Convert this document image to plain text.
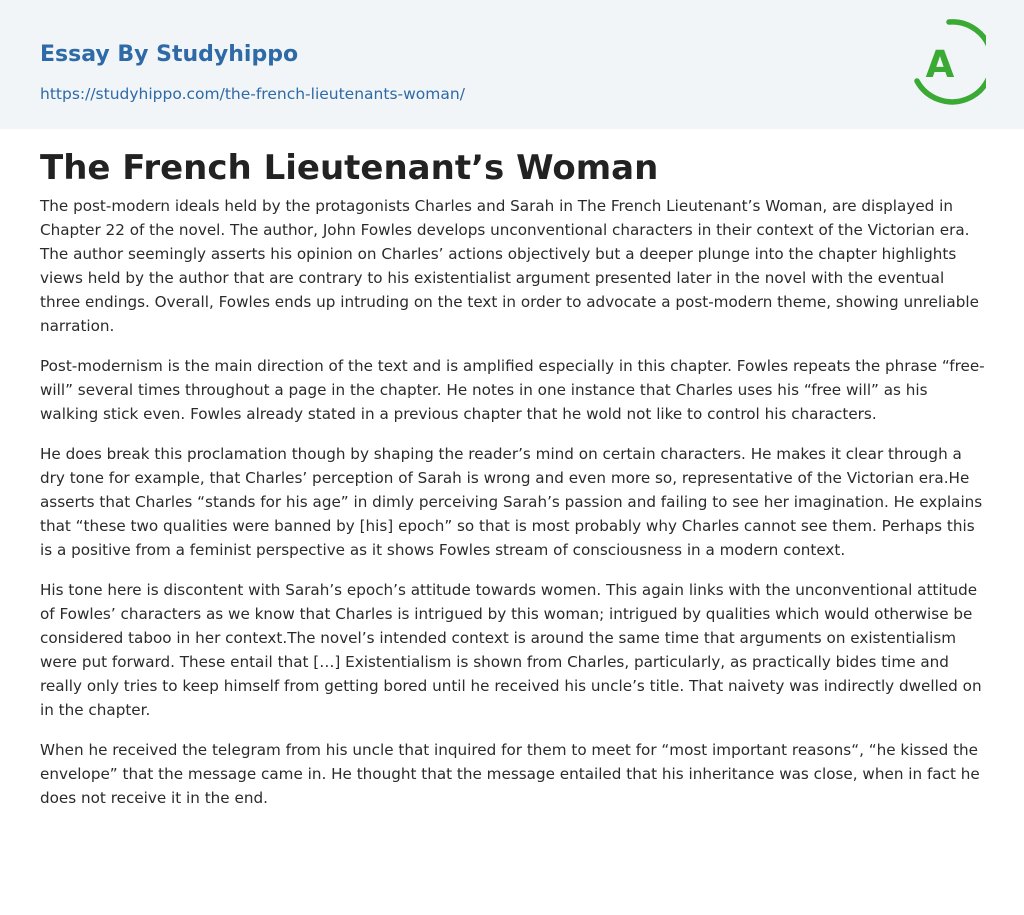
Essay By Studyhippo
https://studyhippo.com/the-french-lieutenants-woman/
A
The French Lieutenant’s Woman

The post-modern ideals held by the protagonists Charles and Sarah in The French Lieutenant’s Woman, are displayed in Chapter 22 of the novel. The author, John Fowles develops unconventional characters in their context of the Victorian era. The author seemingly asserts his opinion on Charles’ actions objectively but a deeper plunge into the chapter highlights views held by the author that are contrary to his existentialist argument presented later in the novel with the eventual three endings. Overall, Fowles ends up intruding on the text in order to advocate a post-modern theme, showing unreliable narration.

Post-modernism is the main direction of the text and is amplified especially in this chapter. Fowles repeats the phrase “free-will” several times throughout a page in the chapter. He notes in one instance that Charles uses his “free will” as his walking stick even. Fowles already stated in a previous chapter that he wold not like to control his characters.

He does break this proclamation though by shaping the reader’s mind on certain characters. He makes it clear through a dry tone for example, that Charles’ perception of Sarah is wrong and even more so, representative of the Victorian era.He asserts that Charles “stands for his age” in dimly perceiving Sarah’s passion and failing to see her imagination. He explains that “these two qualities were banned by [his] epoch” so that is most probably why Charles cannot see them. Perhaps this is a positive from a feminist perspective as it shows Fowles stream of consciousness in a modern context.

His tone here is discontent with Sarah’s epoch’s attitude towards women. This again links with the unconventional attitude of Fowles’ characters as we know that Charles is intrigued by this woman; intrigued by qualities which would otherwise be considered taboo in her context.The novel’s intended context is around the same time that arguments on existentialism were put forward. These entail that […] Existentialism is shown from Charles, particularly, as practically bides time and really only tries to keep himself from getting bored until he received his uncle’s title. That naivety was indirectly dwelled on in the chapter.

When he received the telegram from his uncle that inquired for them to meet for “most important reasons“, “he kissed the envelope” that the message came in. He thought that the message entailed that his inheritance was close, when in fact he does not receive it in the end.
